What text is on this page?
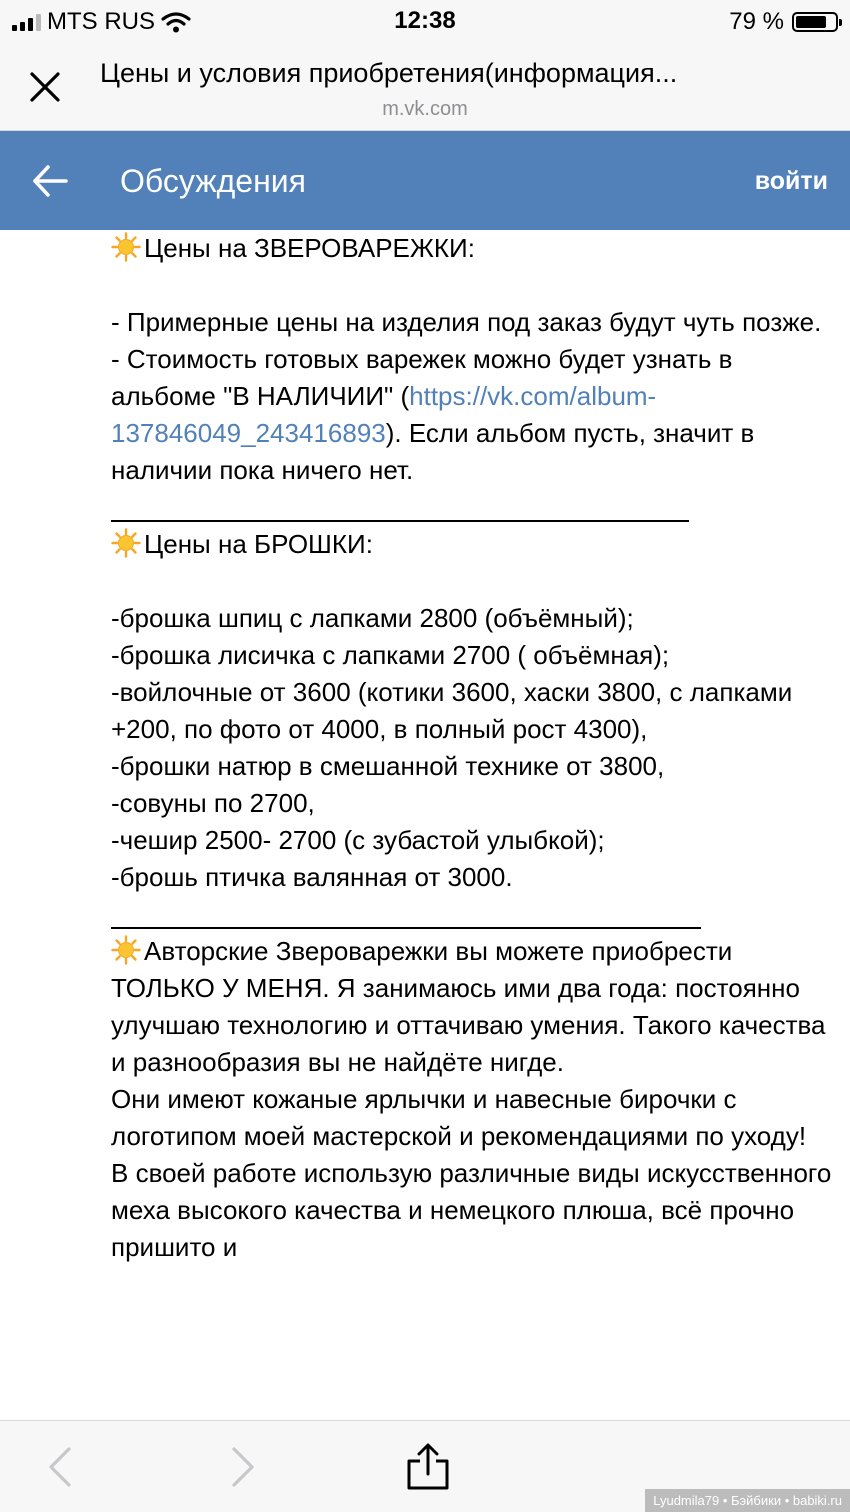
MTS RUS	12:38	79 %
Цены и условия приобретения(информация...
m.vk.com
Обсуждения	войти

Цены на ЗВЕРОВАРЕЖКИ:

- Примерные цены на изделия под заказ будут чуть позже.

- Стоимость готовых варежек можно будет узнать в альбоме "В НАЛИЧИИ" (https://vk.com/album-137846049_243416893). Если альбом пусть, значит в наличии пока ничего нет.

Цены на БРОШКИ:

-брошка шпиц с лапками 2800 (объёмный);

-брошка лисичка с лапками 2700 ( объёмная);

-войлочные от 3600 (котики 3600, хаски 3800, с лапками +200, по фото от 4000, в полный рост 4300),

-брошки натюр в смешанной технике от 3800,

-совуны по 2700,

-чешир 2500- 2700 (с зубастой улыбкой);

-брошь птичка валянная от 3000.

Авторские Звероварежки вы можете приобрести ТОЛЬКО У МЕНЯ. Я занимаюсь ими два года: постоянно улучшаю технологию и оттачиваю умения. Такого качества и разнообразия вы не найдёте нигде.

Они имеют кожаные ярлычки и навесные бирочки с логотипом моей мастерской и рекомендациями по уходу!

В своей работе использую различные виды искусственного меха высокого качества и немецкого плюша, всё прочно пришито и

Lyudmila79 • Бэйбики • babiki.ru
